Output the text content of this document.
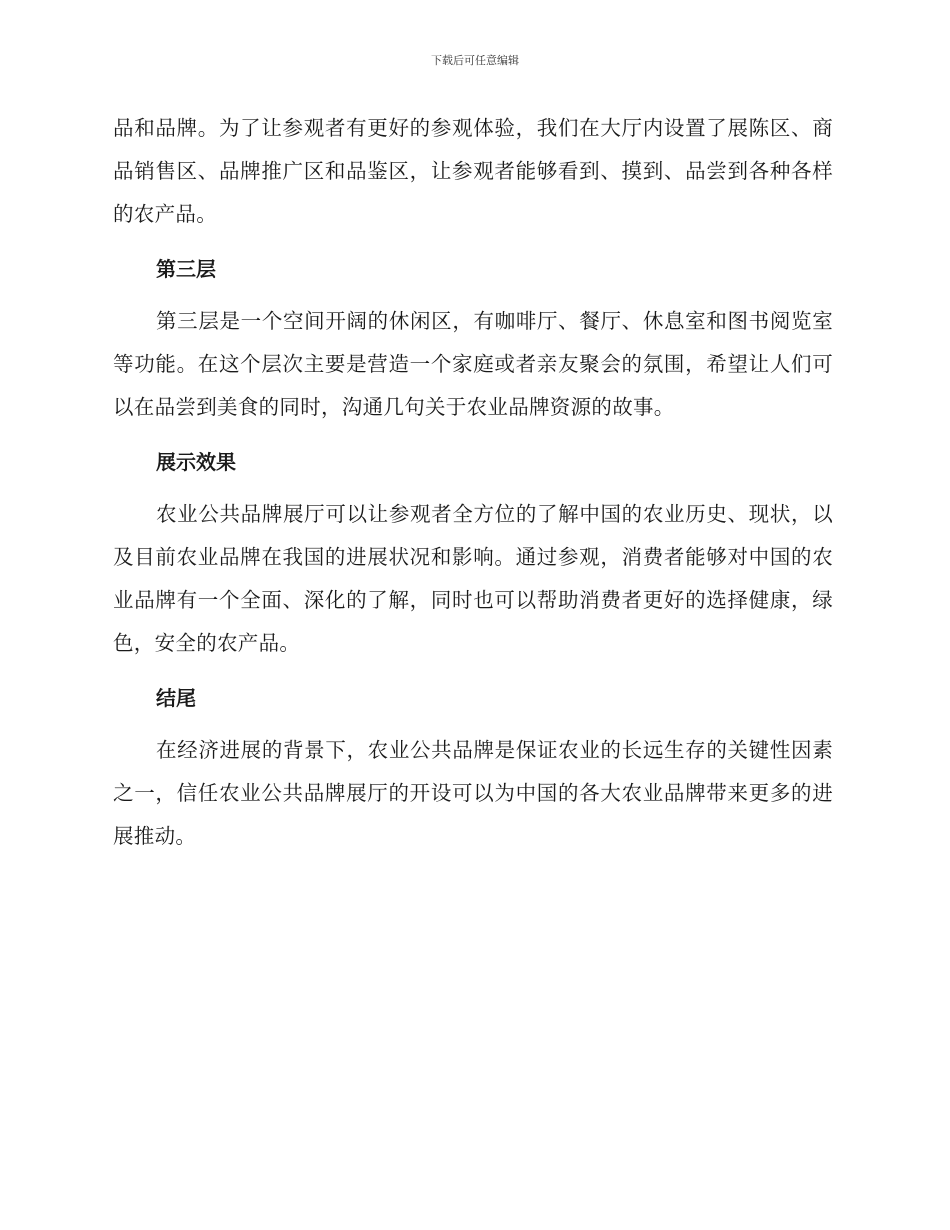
下载后可任意编辑

品和品牌。为了让参观者有更好的参观体验，我们在大厅内设置了展陈区、商品销售区、品牌推广区和品鉴区，让参观者能够看到、摸到、品尝到各种各样的农产品。

第三层

第三层是一个空间开阔的休闲区，有咖啡厅、餐厅、休息室和图书阅览室等功能。在这个层次主要是营造一个家庭或者亲友聚会的氛围，希望让人们可以在品尝到美食的同时，沟通几句关于农业品牌资源的故事。

展示效果

农业公共品牌展厅可以让参观者全方位的了解中国的农业历史、现状，以及目前农业品牌在我国的进展状况和影响。通过参观，消费者能够对中国的农业品牌有一个全面、深化的了解，同时也可以帮助消费者更好的选择健康，绿色，安全的农产品。

结尾

在经济进展的背景下，农业公共品牌是保证农业的长远生存的关键性因素之一，信任农业公共品牌展厅的开设可以为中国的各大农业品牌带来更多的进展推动。
